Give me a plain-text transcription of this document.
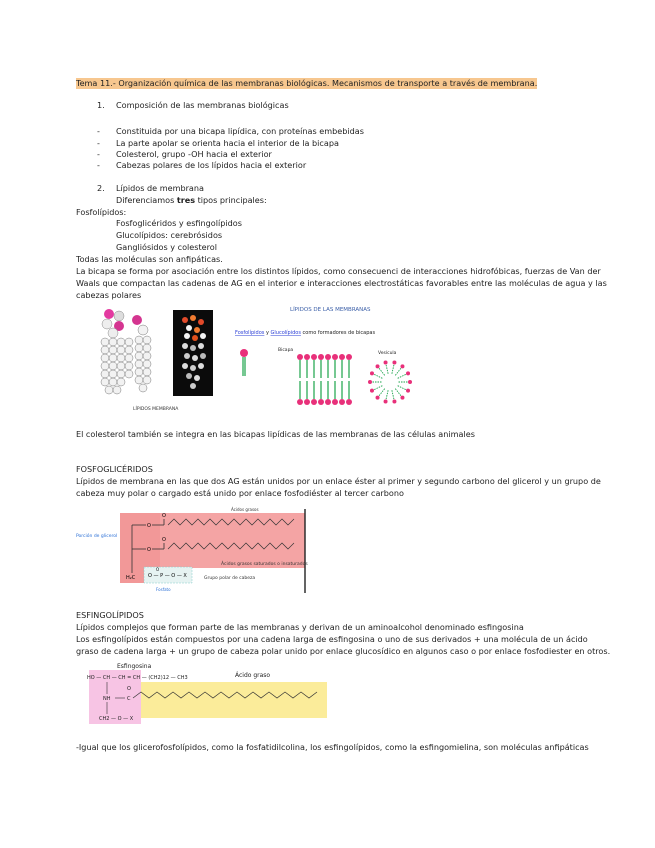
Tema 11.- Organización química de las membranas biológicas. Mecanismos de transporte a través de membrana.
1. Composición de las membranas biológicas
- Constituida por una bicapa lipídica, con proteínas embebidas
- La parte apolar se orienta hacia el interior de la bicapa
- Colesterol, grupo -OH hacia el exterior
- Cabezas polares de los lípidos hacia el exterior
2. Lípidos de membrana
Diferenciamos tres tipos principales:
Fosfolípidos:
Fosfoglicéridos y esfingolípidos
Glucolípidos: cerebrósidos
Gangliósidos y colesterol
Todas las moléculas son anfipáticas.
La bicapa se forma por asociación entre los distintos lípidos, como consecuenci de interacciones hidrofóbicas, fuerzas de Van der
Waals que compactan las cadenas de AG en el interior e interacciones electrostáticas favorables entre las moléculas de agua y las
cabezas polares
LÍPIDOS MEMBRANA
LÍPIDOS DE LAS MEMBRANAS
Fosfolípidos y Glucolípidos como formadores de bicapas
Bicapa
Vesícula
El colesterol también se integra en las bicapas lipídicas de las membranas de las células animales
FOSFOGLICÉRIDOS
Lípidos de membrana en las que dos AG están unidos por un enlace éster al primer y segundo carbono del glicerol y un grupo de
cabeza muy polar o cargado está unido por enlace fosfodiéster al tercer carbono
Porción de glicerol
O
O
H₂C
O
O
O — P — O — X
O
Ácidos grasos
Ácidos grasos saturados o insaturados
Grupo polar de cabeza
Fosfato
ESFINGOLÍPIDOS
Lípidos complejos que forman parte de las membranas y derivan de un aminoalcohol denominado esfingosina
Los esfingolípidos están compuestos por una cadena larga de esfingosina o uno de sus derivados + una molécula de un ácido
graso de cadena larga + un grupo de cabeza polar unido por enlace glucosídico en algunos caso o por enlace fosfodiester en otros.
Esfingosina
Ácido graso
HO — CH — CH = CH — (CH2)12 — CH3
NH	C
O
CH2 — O — X
-Igual que los glicerofosfolípidos, como la fosfatidilcolina, los esfingolípidos, como la esfingomielina, son moléculas anfipáticas
